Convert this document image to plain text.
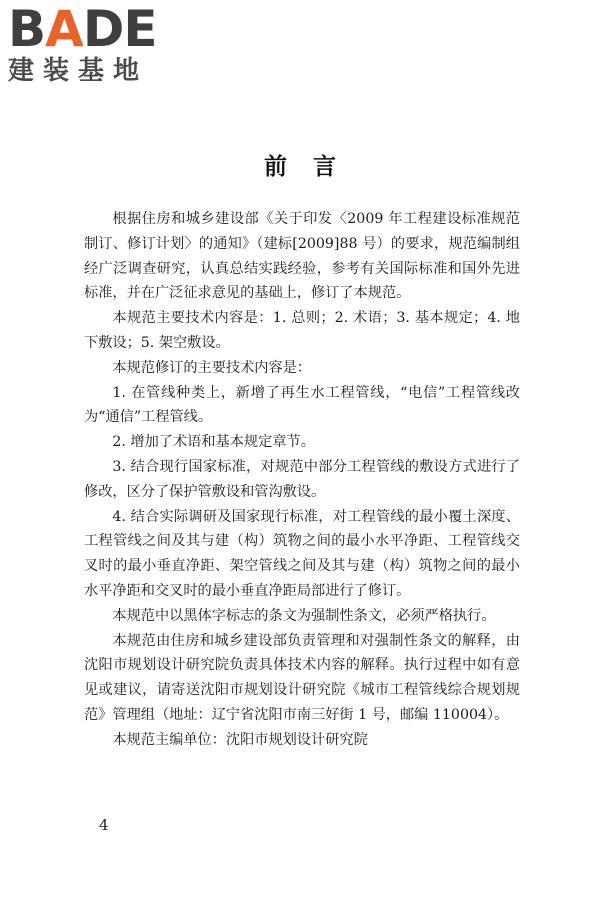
BADE
建装基地
前言

根据住房和城乡建设部《关于印发〈2009 年工程建设标准规范制订、修订计划〉的通知》（建标[2009]88 号）的要求，规范编制组经广泛调查研究，认真总结实践经验，参考有关国际标准和国外先进标准，并在广泛征求意见的基础上，修订了本规范。

本规范主要技术内容是：1. 总则；2. 术语；3. 基本规定；4. 地下敷设；5. 架空敷设。

本规范修订的主要技术内容是：

1. 在管线种类上，新增了再生水工程管线，“电信”工程管线改为“通信”工程管线。

2. 增加了术语和基本规定章节。

3. 结合现行国家标准，对规范中部分工程管线的敷设方式进行了修改，区分了保护管敷设和管沟敷设。

4. 结合实际调研及国家现行标准，对工程管线的最小覆土深度、工程管线之间及其与建（构）筑物之间的最小水平净距、工程管线交叉时的最小垂直净距、架空管线之间及其与建（构）筑物之间的最小水平净距和交叉时的最小垂直净距局部进行了修订。

本规范中以黑体字标志的条文为强制性条文，必须严格执行。

本规范由住房和城乡建设部负责管理和对强制性条文的解释，由沈阳市规划设计研究院负责具体技术内容的解释。执行过程中如有意见或建议，请寄送沈阳市规划设计研究院《城市工程管线综合规划规范》管理组（地址：辽宁省沈阳市南三好街 1 号，邮编 110004）。

本规范主编单位：沈阳市规划设计研究院

4
